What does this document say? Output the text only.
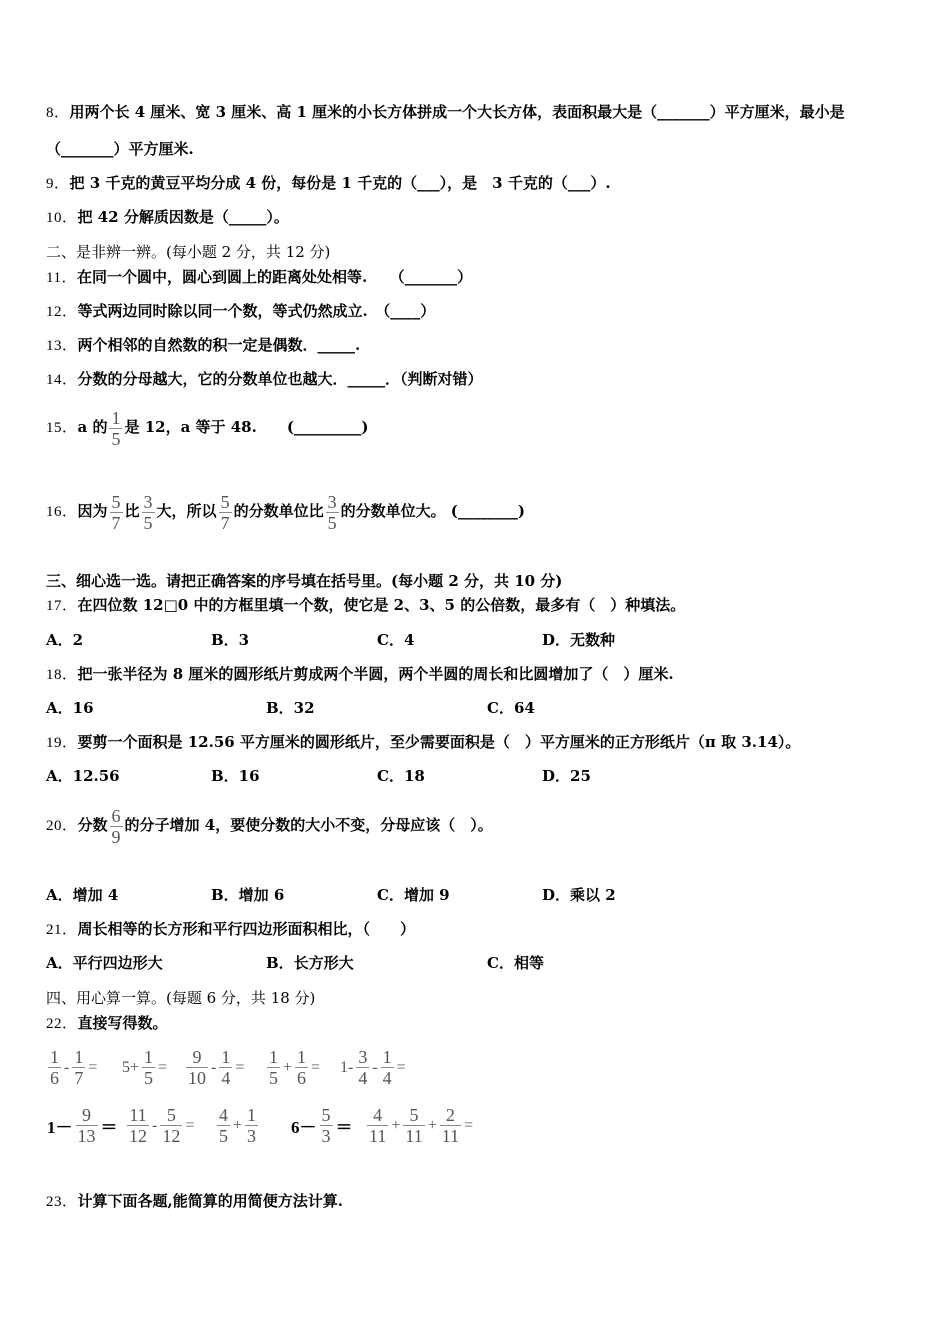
8．用两个长 4 厘米、宽 3 厘米、高 1 厘米的小长方体拼成一个大长方体，表面积最大是（_______）平方厘米，最小是
（_______）平方厘米.
9．把 3 千克的黄豆平均分成 4 份，每份是 1 千克的（___），是　3 千克的（___）.
10．把 42 分解质因数是（_____）。
二、是非辨一辨。(每小题 2 分，共 12 分)
11．在同一个圆中，圆心到圆上的距离处处相等.　　（_______）
12．等式两边同时除以同一个数，等式仍然成立.　（____）
13．两个相邻的自然数的积一定是偶数．_____.
14．分数的分母越大，它的分数单位也越大．_____．（判断对错）
15．a 的 $\frac{1}{5}$ 是 12，a 等于 48.　　(_________)
16．因为 $\frac{5}{7}$ 比 $\frac{3}{5}$ 大，所以 $\frac{5}{7}$ 的分数单位比 $\frac{3}{5}$ 的分数单位大。 (________)
三、细心选一选。请把正确答案的序号填在括号里。(每小题 2 分，共 10 分)
17．在四位数 12□0 中的方框里填一个数，使它是 2、3、5 的公倍数，最多有（　）种填法。
A．2	B．3	C．4	D．无数种
18．把一张半径为 8 厘米的圆形纸片剪成两个半圆，两个半圆的周长和比圆增加了（　）厘米.
A．16	B．32	C．64
19．要剪一个面积是 12.56 平方厘米的圆形纸片，至少需要面积是（　）平方厘米的正方形纸片（π 取 3.14）。
A．12.56	B．16	C．18	D．25
20．分数 $\frac{6}{9}$ 的分子增加 4，要使分数的大小不变，分母应该（　）。
A．增加 4	B．增加 6	C．增加 9	D．乘以 2
21．周长相等的长方形和平行四边形面积相比，（　　）
A．平行四边形大	B．长方形大	C．相等
四、用心算一算。(每题 6 分，共 18 分)
22．直接写得数。
$\frac{1}{6} - \frac{1}{7} = 5+ \frac{1}{5} = \frac{9}{10} - \frac{1}{4} = \frac{1}{5} + \frac{1}{6} = 1- \frac{3}{4} - \frac{1}{4}$ =
$1- \frac{9}{13} = \frac{11}{12} - \frac{5}{12} = \frac{4}{5} + \frac{1}{3} 6- \frac{5}{3} = \frac{4}{11} + \frac{5}{11} + \frac{2}{11}$ =
23．计算下面各题,能简算的用简便方法计算.
